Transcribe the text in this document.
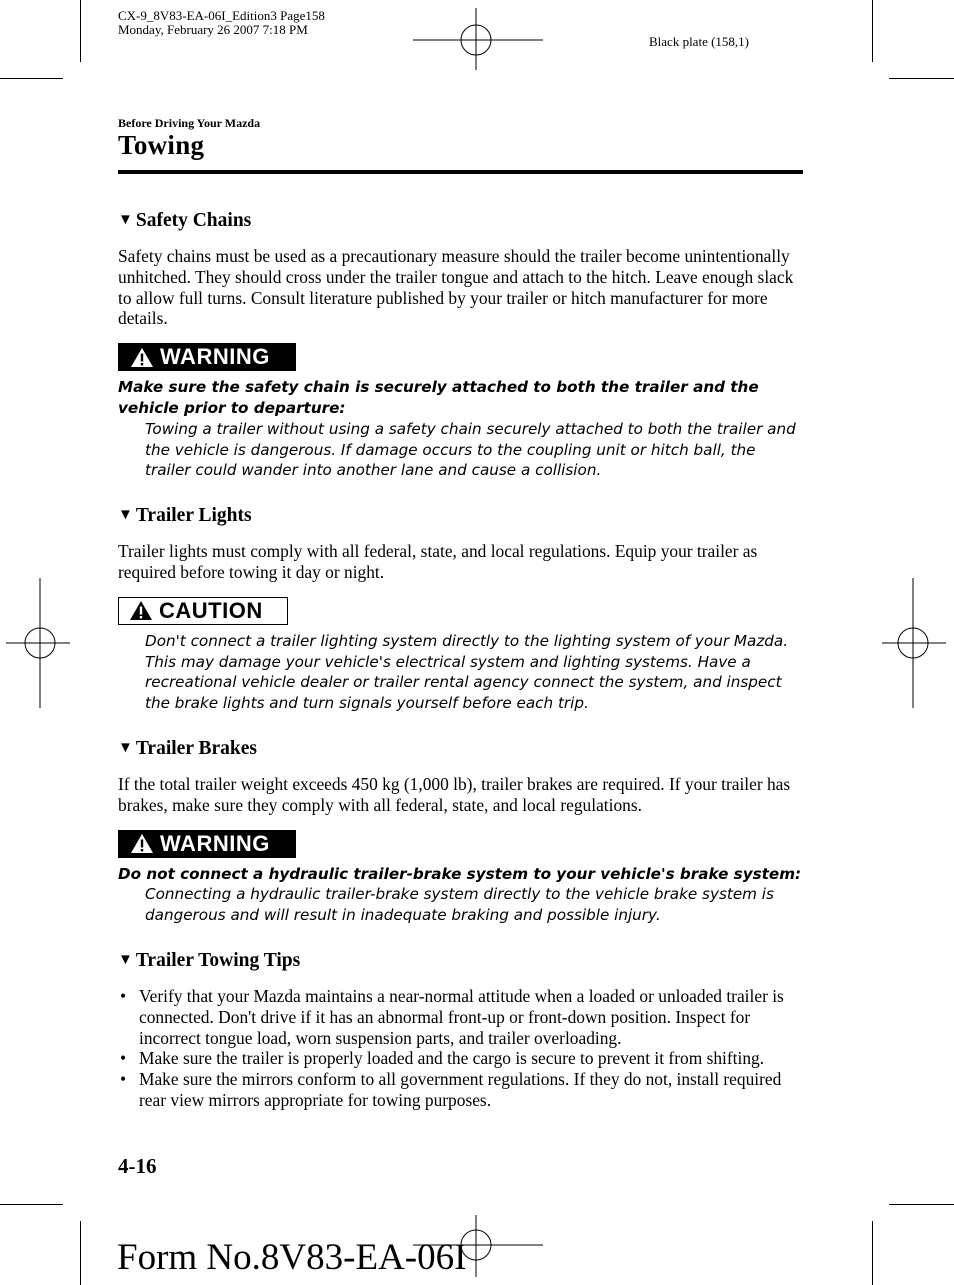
CX-9_8V83-EA-06I_Edition3 Page158
Monday, February 26 2007 7:18 PM
Black plate (158,1)
Before Driving Your Mazda
Towing
▼ Safety Chains

Safety chains must be used as a precautionary measure should the trailer become unintentionally unhitched. They should cross under the trailer tongue and attach to the hitch. Leave enough slack to allow full turns. Consult literature published by your trailer or hitch manufacturer for more details.

WARNING

Make sure the safety chain is securely attached to both the trailer and the vehicle prior to departure:

Towing a trailer without using a safety chain securely attached to both the trailer and the vehicle is dangerous. If damage occurs to the coupling unit or hitch ball, the trailer could wander into another lane and cause a collision.

▼ Trailer Lights

Trailer lights must comply with all federal, state, and local regulations. Equip your trailer as required before towing it day or night.

CAUTION

Don't connect a trailer lighting system directly to the lighting system of your Mazda. This may damage your vehicle's electrical system and lighting systems. Have a recreational vehicle dealer or trailer rental agency connect the system, and inspect the brake lights and turn signals yourself before each trip.

▼ Trailer Brakes

If the total trailer weight exceeds 450 kg (1,000 lb), trailer brakes are required. If your trailer has brakes, make sure they comply with all federal, state, and local regulations.

WARNING

Do not connect a hydraulic trailer-brake system to your vehicle's brake system:

Connecting a hydraulic trailer-brake system directly to the vehicle brake system is dangerous and will result in inadequate braking and possible injury.

▼ Trailer Towing Tips
• Verify that your Mazda maintains a near-normal attitude when a loaded or unloaded trailer is connected. Don't drive if it has an abnormal front-up or front-down position. Inspect for incorrect tongue load, worn suspension parts, and trailer overloading.
• Make sure the trailer is properly loaded and the cargo is secure to prevent it from shifting.
• Make sure the mirrors conform to all government regulations. If they do not, install required rear view mirrors appropriate for towing purposes.
4-16
Form No.8V83-EA-06I
